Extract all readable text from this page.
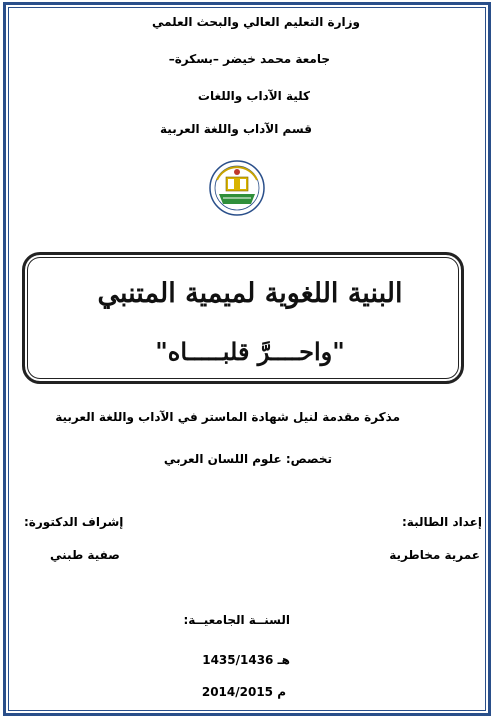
وزارة التعليم العالي والبحث العلمي
جامعة محمد خيضر –بسكرة–
كلية الآداب واللغات
قسم الآداب واللغة العربية
البنية اللغوية لميمية المتنبي
"واحــــرَّ قلبـــــاه"
مذكرة مقدمة لنيل شهادة الماستر في الآداب واللغة العربية
تخصص: علوم اللسان العربي
إعداد الطالبة:
إشراف الدكتورة:
عمرية مخاطرية
صفية طبني
السنــة الجامعيــة:
1435/1436 هـ
2014/2015 م
